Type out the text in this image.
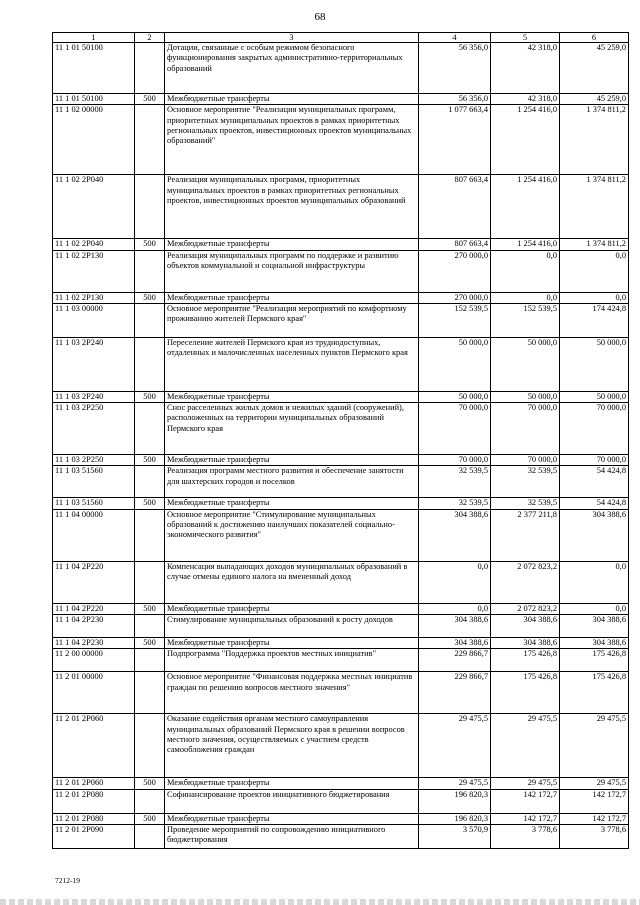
68
1	2	3	4	5	6
11 1 01 50100		Дотации, связанные с особым режимом безопасного функционирования закрытых административно-территориальных образований	56 356,0	42 318,0	45 259,0
11 1 01 50100	500	Межбюджетные трансферты	56 356,0	42 318,0	45 259,0
11 1 02 00000		Основное мероприятие "Реализация муниципальных программ, приоритетных муниципальных проектов в рамках приоритетных региональных проектов, инвестиционных проектов муниципальных образований"	1 077 663,4	1 254 416,0	1 374 811,2
11 1 02 2P040		Реализация муниципальных программ, приоритетных муниципальных проектов в рамках приоритетных региональных проектов, инвестиционных проектов муниципальных образований	807 663,4	1 254 416,0	1 374 811,2
11 1 02 2P040	500	Межбюджетные трансферты	807 663,4	1 254 416,0	1 374 811,2
11 1 02 2P130		Реализация муниципальных программ по поддержке и развитию объектов коммунальной и социальной инфраструктуры	270 000,0	0,0	0,0
11 1 02 2P130	500	Межбюджетные трансферты	270 000,0	0,0	0,0
11 1 03 00000		Основное мероприятие "Реализация мероприятий по комфортному проживанию жителей Пермского края"	152 539,5	152 539,5	174 424,8
11 1 03 2P240		Переселение жителей Пермского края из труднодоступных, отдаленных и малочисленных населенных пунктов Пермского края	50 000,0	50 000,0	50 000,0
11 1 03 2P240	500	Межбюджетные трансферты	50 000,0	50 000,0	50 000,0
11 1 03 2P250		Снос расселенных жилых домов и нежилых зданий (сооружений), расположенных на территории муниципальных образований Пермского края	70 000,0	70 000,0	70 000,0
11 1 03 2P250	500	Межбюджетные трансферты	70 000,0	70 000,0	70 000,0
11 1 03 51560		Реализация программ местного развития и обеспечение занятости для шахтерских городов и поселков	32 539,5	32 539,5	54 424,8
11 1 03 51560	500	Межбюджетные трансферты	32 539,5	32 539,5	54 424,8
11 1 04 00000		Основное мероприятие "Стимулирование муниципальных образований к достижению наилучших показателей социально-экономического развития"	304 388,6	2 377 211,8	304 388,6
11 1 04 2P220		Компенсация выпадающих доходов муниципальных образований в случае отмены единого налога на вмененный доход	0,0	2 072 823,2	0,0
11 1 04 2P220	500	Межбюджетные трансферты	0,0	2 072 823,2	0,0
11 1 04 2P230		Стимулирование муниципальных образований к росту доходов	304 388,6	304 388,6	304 388,6
11 1 04 2P230	500	Межбюджетные трансферты	304 388,6	304 388,6	304 388,6
11 2 00 00000		Подпрограмма "Поддержка проектов местных инициатив"	229 866,7	175 426,8	175 426,8
11 2 01 00000		Основное мероприятие "Финансовая поддержка местных инициатив граждан по решению вопросов местного значения"	229 866,7	175 426,8	175 426,8
11 2 01 2P060		Оказание содействия органам местного самоуправления муниципальных образований Пермского края в решении вопросов местного значения, осуществляемых с участием средств самообложения граждан	29 475,5	29 475,5	29 475,5
11 2 01 2P060	500	Межбюджетные трансферты	29 475,5	29 475,5	29 475,5
11 2 01 2P080		Софинансирование проектов инициативного бюджетирования	196 820,3	142 172,7	142 172,7
11 2 01 2P080	500	Межбюджетные трансферты	196 820,3	142 172,7	142 172,7
11 2 01 2P090		Проведение мероприятий по сопровождению инициативного бюджетирования	3 570,9	3 778,6	3 778,6
7212-19
